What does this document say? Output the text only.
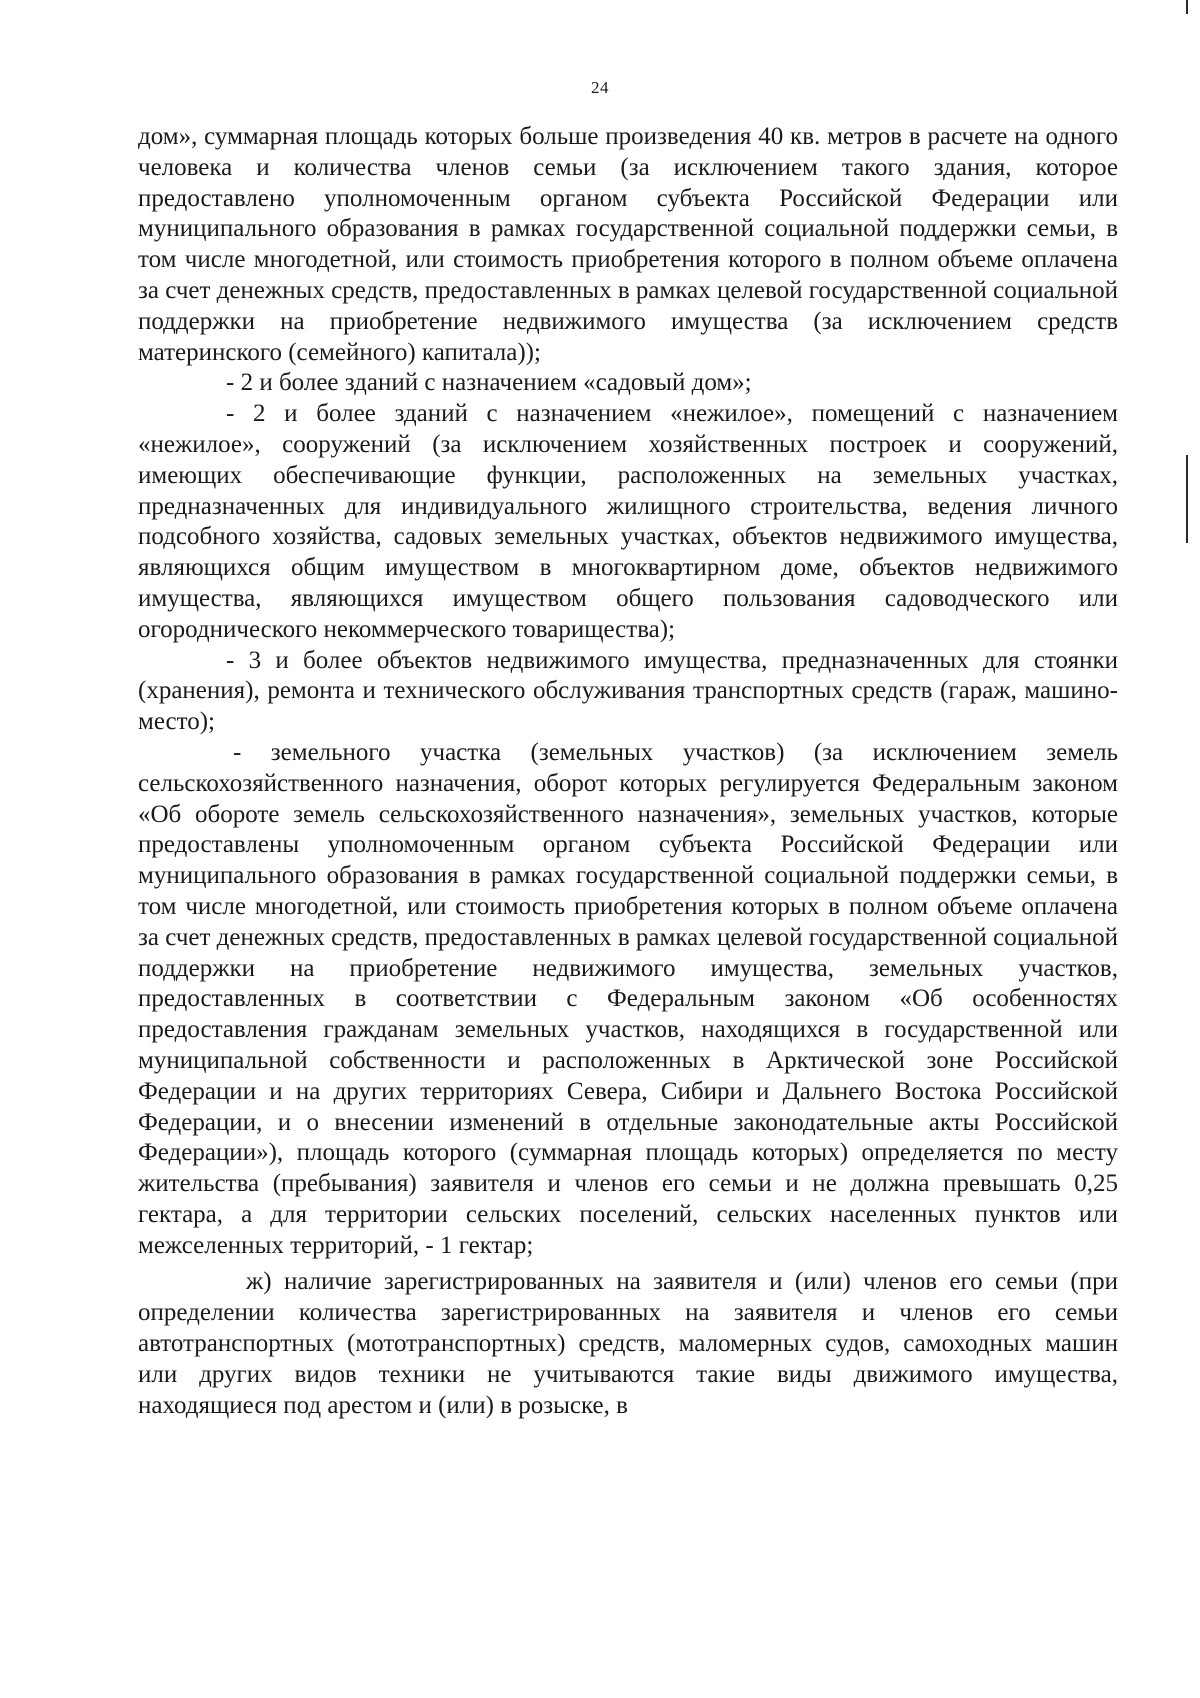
24

дом», суммарная площадь которых больше произведения 40 кв. метров в расчете на одного человека и количества членов семьи (за исключением такого здания, которое предоставлено уполномоченным органом субъекта Российской Федерации или муниципального образования в рамках государственной социальной поддержки семьи, в том числе многодетной, или стоимость приобретения которого в полном объеме оплачена за счет денежных средств, предоставленных в рамках целевой государственной социальной поддержки на приобретение недвижимого имущества (за исключением средств материнского (семейного) капитала));

- 2 и более зданий с назначением «садовый дом»;

- 2 и более зданий с назначением «нежилое», помещений с назначением «нежилое», сооружений (за исключением хозяйственных построек и сооружений, имеющих обеспечивающие функции, расположенных на земельных участках, предназначенных для индивидуального жилищного строительства, ведения личного подсобного хозяйства, садовых земельных участках, объектов недвижимого имущества, являющихся общим имуществом в многоквартирном доме, объектов недвижимого имущества, являющихся имуществом общего пользования садоводческого или огороднического некоммерческого товарищества);

- 3 и более объектов недвижимого имущества, предназначенных для стоянки (хранения), ремонта и технического обслуживания транспортных средств (гараж, машино-место);

- земельного участка (земельных участков) (за исключением земель сельскохозяйственного назначения, оборот которых регулируется Федеральным законом «Об обороте земель сельскохозяйственного назначения», земельных участков, которые предоставлены уполномоченным органом субъекта Российской Федерации или муниципального образования в рамках государственной социальной поддержки семьи, в том числе многодетной, или стоимость приобретения которых в полном объеме оплачена за счет денежных средств, предоставленных в рамках целевой государственной социальной поддержки на приобретение недвижимого имущества, земельных участков, предоставленных в соответствии с Федеральным законом «Об особенностях предоставления гражданам земельных участков, находящихся в государственной или муниципальной собственности и расположенных в Арктической зоне Российской Федерации и на других территориях Севера, Сибири и Дальнего Востока Российской Федерации, и о внесении изменений в отдельные законодательные акты Российской Федерации»), площадь которого (суммарная площадь которых) определяется по месту жительства (пребывания) заявителя и членов его семьи и не должна превышать 0,25 гектара, а для территории сельских поселений, сельских населенных пунктов или межселенных территорий, - 1 гектар;

ж) наличие зарегистрированных на заявителя и (или) членов его семьи (при определении количества зарегистрированных на заявителя и членов его семьи автотранспортных (мототранспортных) средств, маломерных судов, самоходных машин или других видов техники не учитываются такие виды движимого имущества, находящиеся под арестом и (или) в розыске, в
